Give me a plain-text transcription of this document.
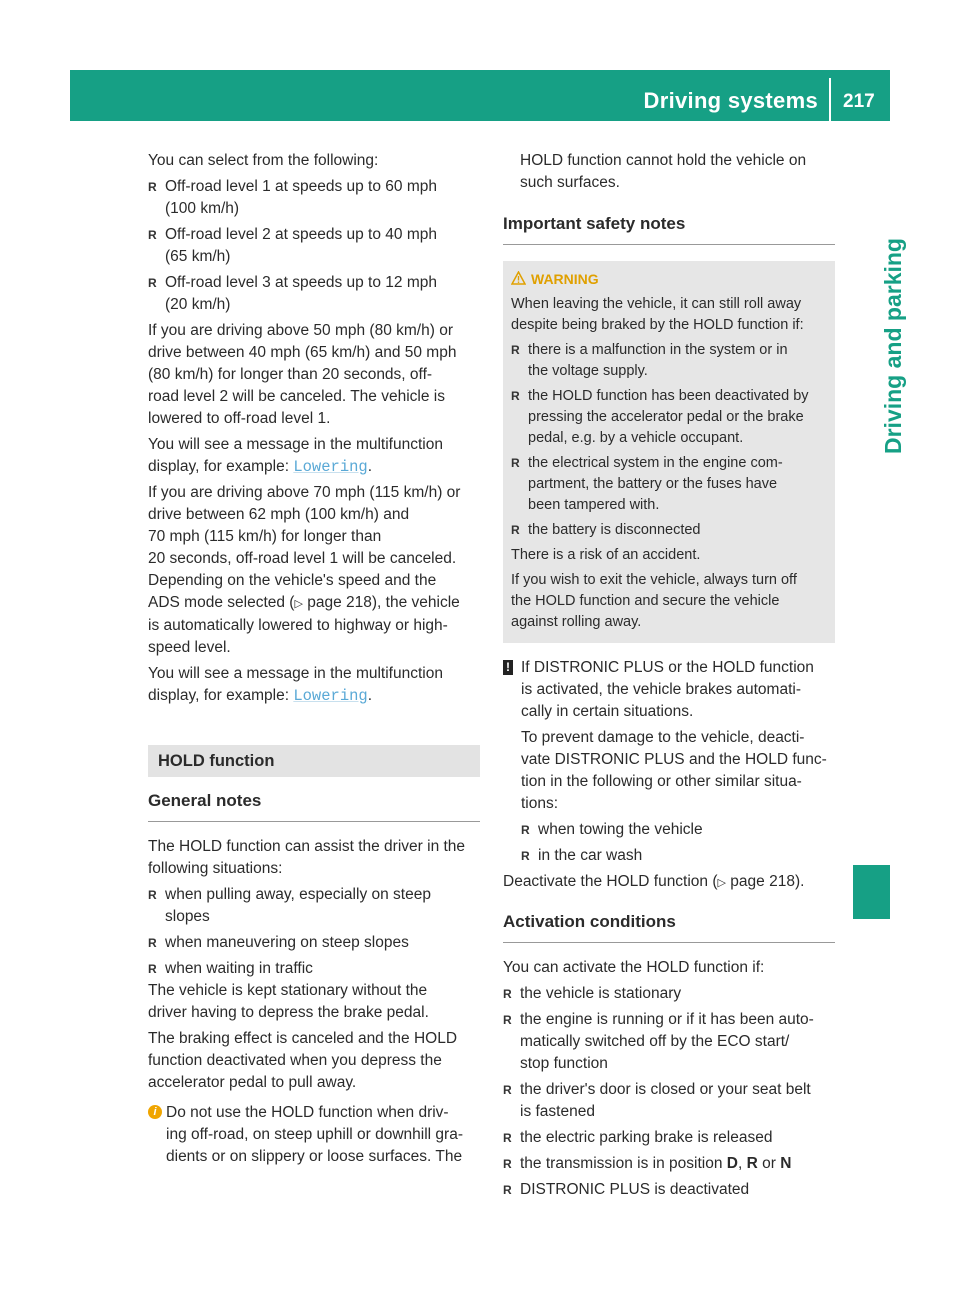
Driving systems 217
Driving and parking

You can select from the following:

R Off-road level 1 at speeds up to 60 mph
(100 km/h)
R Off-road level 2 at speeds up to 40 mph
(65 km/h)
R Off-road level 3 at speeds up to 12 mph
(20 km/h)

If you are driving above 50 mph (80 km/h) or
drive between 40 mph (65 km/h) and 50 mph
(80 km/h) for longer than 20 seconds, off-
road level 2 will be canceled. The vehicle is
lowered to off-road level 1.

You will see a message in the multifunction
display, for example: Lowering.

If you are driving above 70 mph (115 km/h) or
drive between 62 mph (100 km/h) and
70 mph (115 km/h) for longer than
20 seconds, off-road level 1 will be canceled.
Depending on the vehicle's speed and the
ADS mode selected (▷ page 218), the vehicle
is automatically lowered to highway or high-
speed level.

You will see a message in the multifunction
display, for example: Lowering.

HOLD function
General notes

The HOLD function can assist the driver in the
following situations:

R when pulling away, especially on steep
slopes
R when maneuvering on steep slopes
R when waiting in traffic

The vehicle is kept stationary without the
driver having to depress the brake pedal.

The braking effect is canceled and the HOLD
function deactivated when you depress the
accelerator pedal to pull away.

i Do not use the HOLD function when driv-
ing off-road, on steep uphill or downhill gra-
dients or on slippery or loose surfaces. The
HOLD function cannot hold the vehicle on
such surfaces.
Important safety notes
WARNING

When leaving the vehicle, it can still roll away
despite being braked by the HOLD function if:

R there is a malfunction in the system or in
the voltage supply.
R the HOLD function has been deactivated by
pressing the accelerator pedal or the brake
pedal, e.g. by a vehicle occupant.
R the electrical system in the engine com-
partment, the battery or the fuses have
been tampered with.
R the battery is disconnected

There is a risk of an accident.

If you wish to exit the vehicle, always turn off
the HOLD function and secure the vehicle
against rolling away.

! If DISTRONIC PLUS or the HOLD function
is activated, the vehicle brakes automati-
cally in certain situations.
To prevent damage to the vehicle, deacti-
vate DISTRONIC PLUS and the HOLD func-
tion in the following or other similar situa-
tions:
R when towing the vehicle
R in the car wash

Deactivate the HOLD function (▷ page 218).

Activation conditions

You can activate the HOLD function if:

R the vehicle is stationary
R the engine is running or if it has been auto-
matically switched off by the ECO start/
stop function
R the driver's door is closed or your seat belt
is fastened
R the electric parking brake is released
R the transmission is in position D, R or N
R DISTRONIC PLUS is deactivated
